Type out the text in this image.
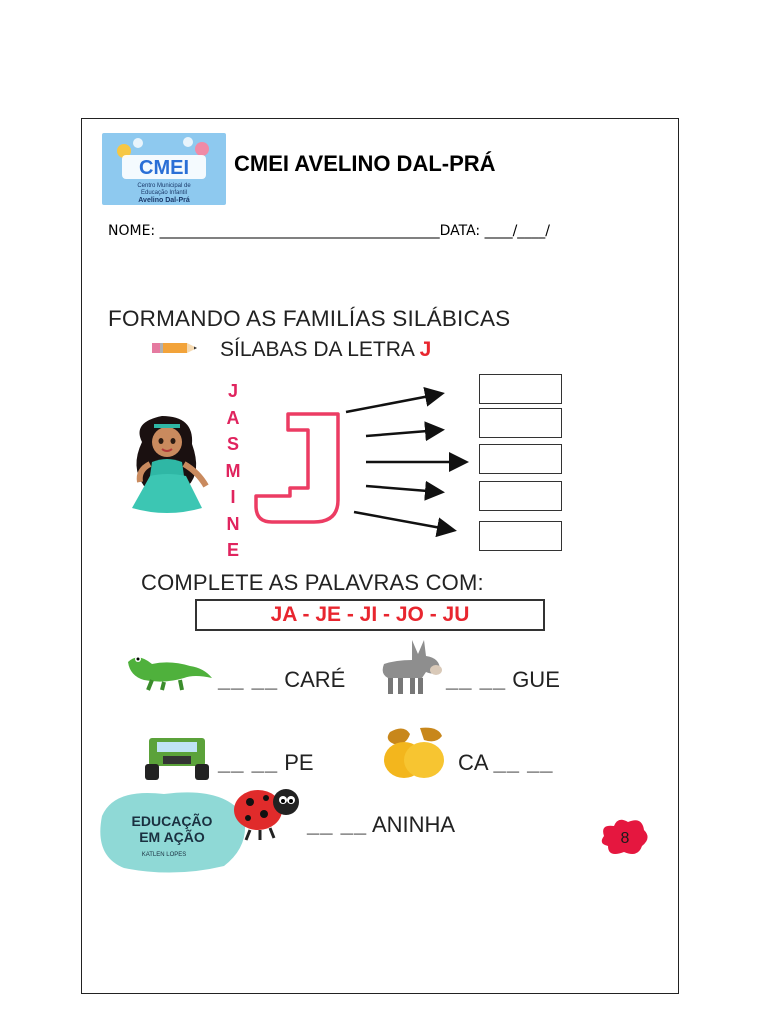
CMEI
Centro Municipal de
Educação Infantil
Avelino Dal-Prá
CMEI AVELINO DAL-PRÁ
NOME: ________________________________________DATA: ____/____/
FORMANDO AS FAMILÍAS SILÁBICAS
SÍLABAS DA LETRA J
J
A
S
M
I
N
E
J
COMPLETE AS PALAVRAS COM:
JA - JE - JI - JO - JU
__ __ CARÉ	__ __ GUE
__ __ PE	CA __ __
EDUCAÇÃO
EM AÇÃO
KATLEN LOPES
__ __ ANINHA
8
